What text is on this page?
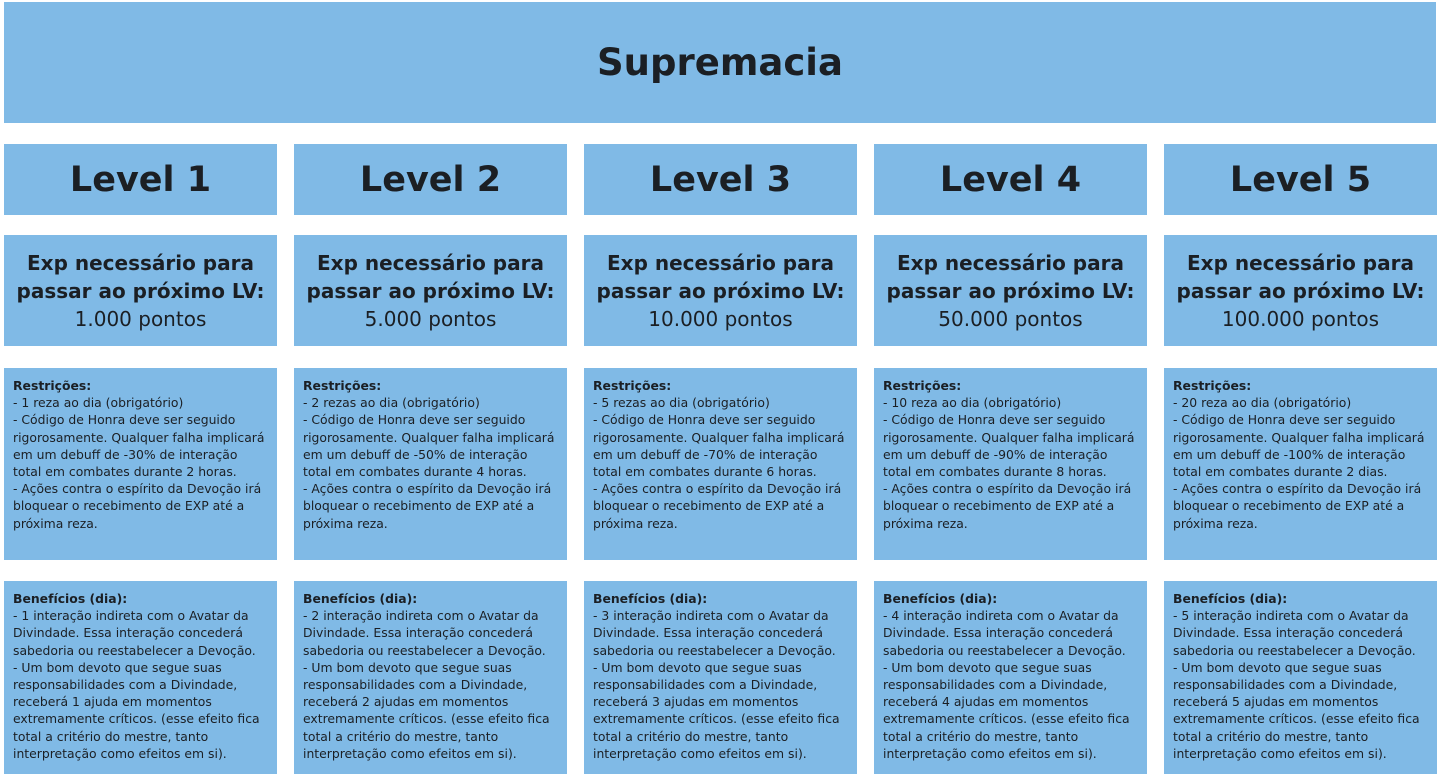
Supremacia
Level 1
Exp necessário para passar ao próximo LV:
1.000 pontos
Restrições:
- 1 reza ao dia (obrigatório)
- Código de Honra deve ser seguido rigorosamente. Qualquer falha implicará em um debuff de -30% de interação total em combates durante 2 horas.
- Ações contra o espírito da Devoção irá bloquear o recebimento de EXP até a próxima reza.
Benefícios (dia):
- 1 interação indireta com o Avatar da Divindade. Essa interação concederá sabedoria ou reestabelecer a Devoção.
- Um bom devoto que segue suas responsabilidades com a Divindade, receberá 1 ajuda em momentos extremamente críticos. (esse efeito fica total a critério do mestre, tanto interpretação como efeitos em si).
Level 2
Exp necessário para passar ao próximo LV:
5.000 pontos
Restrições:
- 2 rezas ao dia (obrigatório)
- Código de Honra deve ser seguido rigorosamente. Qualquer falha implicará em um debuff de -50% de interação total em combates durante 4 horas.
- Ações contra o espírito da Devoção irá bloquear o recebimento de EXP até a próxima reza.
Benefícios (dia):
- 2 interação indireta com o Avatar da Divindade. Essa interação concederá sabedoria ou reestabelecer a Devoção.
- Um bom devoto que segue suas responsabilidades com a Divindade, receberá 2 ajudas em momentos extremamente críticos. (esse efeito fica total a critério do mestre, tanto interpretação como efeitos em si).
Level 3
Exp necessário para passar ao próximo LV:
10.000 pontos
Restrições:
- 5 rezas ao dia (obrigatório)
- Código de Honra deve ser seguido rigorosamente. Qualquer falha implicará em um debuff de -70% de interação total em combates durante 6 horas.
- Ações contra o espírito da Devoção irá bloquear o recebimento de EXP até a próxima reza.
Benefícios (dia):
- 3 interação indireta com o Avatar da Divindade. Essa interação concederá sabedoria ou reestabelecer a Devoção.
- Um bom devoto que segue suas responsabilidades com a Divindade, receberá 3 ajudas em momentos extremamente críticos. (esse efeito fica total a critério do mestre, tanto interpretação como efeitos em si).
Level 4
Exp necessário para passar ao próximo LV:
50.000 pontos
Restrições:
- 10 reza ao dia (obrigatório)
- Código de Honra deve ser seguido rigorosamente. Qualquer falha implicará em um debuff de -90% de interação total em combates durante 8 horas.
- Ações contra o espírito da Devoção irá bloquear o recebimento de EXP até a próxima reza.
Benefícios (dia):
- 4 interação indireta com o Avatar da Divindade. Essa interação concederá sabedoria ou reestabelecer a Devoção.
- Um bom devoto que segue suas responsabilidades com a Divindade, receberá 4 ajudas em momentos extremamente críticos. (esse efeito fica total a critério do mestre, tanto interpretação como efeitos em si).
Level 5
Exp necessário para passar ao próximo LV:
100.000 pontos
Restrições:
- 20 reza ao dia (obrigatório)
- Código de Honra deve ser seguido rigorosamente. Qualquer falha implicará em um debuff de -100% de interação total em combates durante 2 dias.
- Ações contra o espírito da Devoção irá bloquear o recebimento de EXP até a próxima reza.
Benefícios (dia):
- 5 interação indireta com o Avatar da Divindade. Essa interação concederá sabedoria ou reestabelecer a Devoção.
- Um bom devoto que segue suas responsabilidades com a Divindade, receberá 5 ajudas em momentos extremamente críticos. (esse efeito fica total a critério do mestre, tanto interpretação como efeitos em si).
